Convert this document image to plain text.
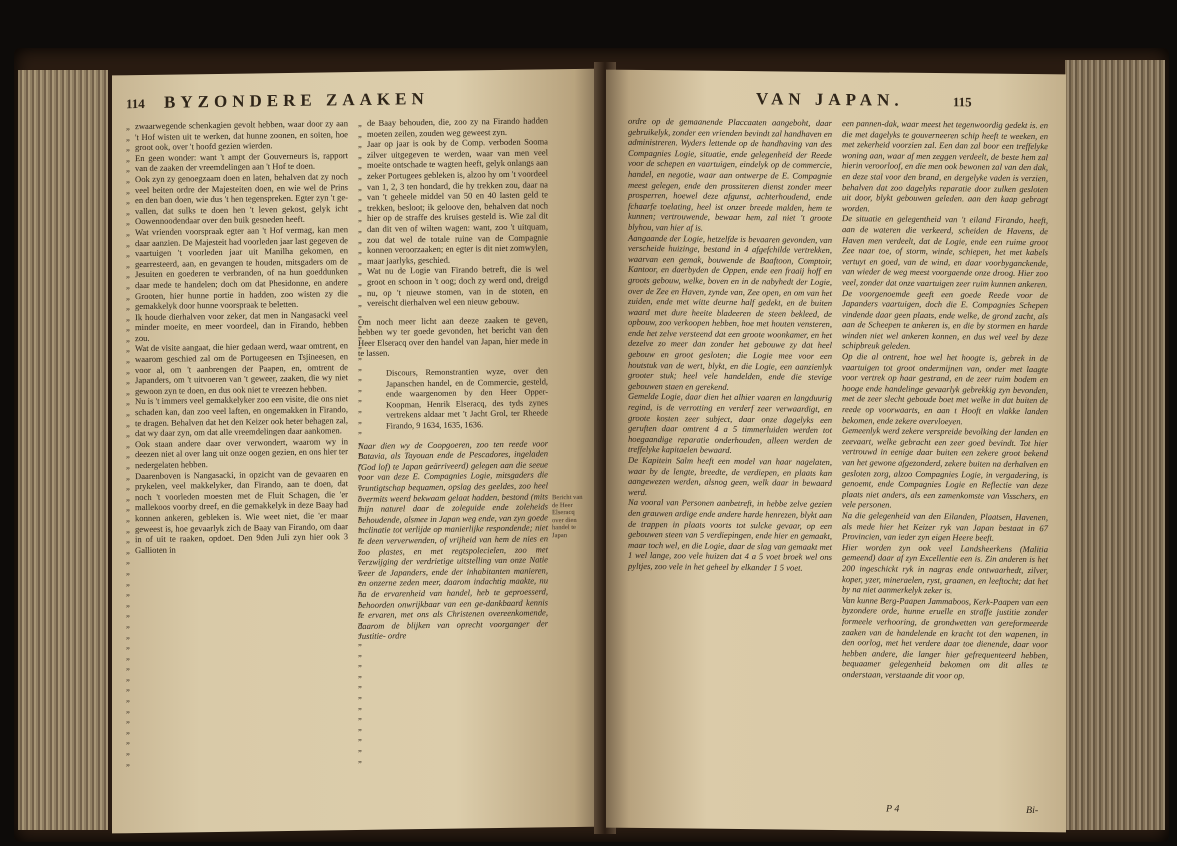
114 BYZONDERE ZAAKEN

„ „ „ „ „ „ „ „ „ „ „ „ „ „ „ „ „ „ „ „ „ „ „ „ „ „ „ „ „ „ „ „ „ „ „ „ „ „ „ „ „ „ „ „ „ „ „ „ „ „ „ „ „ „ „ „ „ „ „ „ „ zwaarwegende schenkagien gevolt hebben, waar door zy aan 't Hof wisten uit te werken, dat hunne zoonen, en soiten, hoe groot ook, over 't hoofd gezien wierden.

En geen wonder: want 't ampt der Gouverneurs is, rapport van de zaaken der vreemdelingen aan 't Hof te doen.

Ook zyn zy genoegzaam doen en laten, behalven dat zy noch veel beiten ordre der Majesteiten doen, en wie wel de Prins en den ban doen, wie dus 't hen tegenspreken. Egter zyn 't ge-vallen, dat sulks te doen hen 't leven gekost, gelyk icht Oowennoodendaar over den buik gesneden heeft.

Wat vrienden voorspraak egter aan 't Hof vermag, kan men daar aanzien. De Majesteit had voorleden jaar last gegeven de vaartuigen 't voorleden jaar uit Manilha gekomen, en gearresteerd, aan, en gevangen te houden, mitsgaders om de Jesuiten en goederen te verbranden, of na hun goeddunken daar mede te handelen; doch om dat Phesidonne, en andere Grooten, hier hunne portie in hadden, zoo wisten zy die gemakkelyk door hunne voorspraak te beletten.

Ik houde dierhalven voor zeker, dat men in Nangasacki veel minder moeite, en meer voordeel, dan in Firando, hebben zou.

Wat de visite aangaat, die hier gedaan werd, waar omtrent, en waarom geschied zal om de Portugeesen en Tsjineesen, en voor al, om 't aanbrengen der Paapen, en, omtrent de Japanders, om 't uitvoeren van 't geweer, zaaken, die wy niet gewoon zyn te doen, en dus ook niet te vreezen hebben.

Nu is 't immers veel gemakkelyker zoo een visite, die ons niet schaden kan, dan zoo veel laften, en ongemakken in Firando, te dragen. Behalven dat het den Keizer ook heter behagen zal, dat wy daar zyn, om dat alle vreemdelingen daar aankomen.

Ook staan andere daar over verwondert, waarom wy in deezen niet al over lang uit onze oogen gezien, en ons hier ter nedergelaten hebben.

Daarenboven is Nangasacki, in opzicht van de gevaaren en prykelen, veel makkelyker, dan Firando, aan te doen, dat noch 't voorleden moesten met de Fluit Schagen, die 'er mallekoos voorby dreef, en die gemakkelyk in deze Baay had konnen ankeren, gebleken is. Wie weet niet, die 'er maar geweest is, hoe gevaarlyk zich de Baay van Firando, om daar in of uit te raaken, opdoet. Den 9den Juli zyn hier ook 3 Gallioten in

„ „ „ „ „ „ „ „ „ „ „ „ „ „ „ „ „ „ „ „ „ „ „ „ „ „ „ „ „ „ „ „ „ „ „ „ „ „ „ „ „ „ „ „ „ „ „ „ „ „ „ „ „ „ „ „ „ „ „ „ „ de Baay behouden, die, zoo zy na Firando hadden moeten zeilen, zouden weg geweest zyn.

Jaar op jaar is ook by de Comp. verboden Sooma zilver uitgegeven te werden, waar van men veel moeite ontschade te wagten heeft, gelyk onlangs aan zeker Portugees gebleken is, alzoo hy om 't voordeel van 1, 2, 3 ten hondard, die hy trekken zou, daar na van 't geheele middel van 50 en 40 lasten geld te trekken, besloot; ik geloove den, behalven dat noch hier op de straffe des kruises gesteld is. Wie zal dit dan dit ven of wilten wagen: want, zoo 't uitquam, zou dat wel de totale ruine van de Compagnie konnen veroorzaaken; en egter is dit niet zomwylen, maar jaarlyks, geschied.

Wat nu de Logie van Firando betreft, die is wel groot en schoon in 't oog; doch zy werd ond, dreigd nu, op 't nieuwe stomen, van in de stoten, en vereischt dierhalven wel een nieuw gebouw.

Om noch meer licht aan deeze zaaken te geven, hebben wy ter goede gevonden, het bericht van den Heer Elseracq over den handel van Japan, hier mede in te lassen.

Discours, Remonstrantien wyze, over den Japanschen handel, en de Commercie, gesteld, ende waargenomen by den Heer Opper-Koopman, Henrik Elseracq, des tyds zynes vertrekens aldaar met 't Jacht Grol, ter Rheede Firando, 9 1634, 1635, 1636.

Naar dien wy de Coopgoeren, zoo ten reede voor Batavia, als Tayouan ende de Pescadores, ingeladen (God lof) te Japan geärriveerd) gelegen aan die seeue voor van deze E. Compagnies Logie, mitsgaders die vruntigtschap bequamen, opslag des geeldes, zoo heel overmits weerd bekwaam gelaat hadden, bestond (mits mijn naturel daar de zoleguide ende zoleheids behoudende, alsmee in Japan weg ende, van zyn goede inclinatie tot verlijde op manierlijke respondende; niet te deen ververwenden, of vrijheid van hem de nies en zoo plastes, en met regtspolecielen, zoo met verzwijging der verdrietige uitstelling van onze Natie weer de Japanders, ende der inhabitanten manieren, en onzerne zeden meer, daarom indachtig maakte, nu na de ervarenheid van handel, heb te geproesserd, behoorden onwrijkbaar van een ge-dankbaard kennis te ervaren, met ons als Christenen overeenkomende, daarom de blijken van oprecht voorganger der Justitie- ordre

Bericht van de Heer Elseracq over dien handel te Japan
VAN JAPAN.	115

ordre op de gemaanende Placcaaten aangeboht, daar gebruikelyk, zonder een vrienden bevindt zal handhaven en administreren. Wyders lettende op de handhaving van des Compagnies Logie, situatie, ende gelegenheid der Reede voor de schepen en vaartuigen, eindelyk op de commercie, handel, en negotie, waar aan ontwerpe de E. Compagnie meest gelegen, ende den prossiteren dienst zonder meer prosperren, hoewel deze afgunst, achterhoudend, ende fchaarfe toelating, heel ist onzer breede malden, hem te kunnen; vertrouwende, bewaar hem, zal niet 't groote blyhou, van hier af is.

Aangaande der Logie, hetzelfde is bevaaren gevonden, van verscheide huizinge, bestand in 4 afgefchilde vertrekken, waarvan een gemak, bouwende de Baaftoon, Comptoir, Kantoor, en daerbyden de Oppen, ende een fraaij hoff en groots gebouw, welke, boven en in de nabyhedt der Logie, over de Zee en Haven, zynde van, Zee open, en om van het zuiden, ende met witte deurne half gedekt, en de buiten waard met dure heeite bladeeren de steen bekleed, de opbouw, zoo verkoopen hebben, hoe met houten vensteren, ende het zelve versteend dat een groote woonkamer, en het dezelve zo meer dan zonder het gebouwe zy dat heel gebouw en groot gesloten; die Logie mee voor een houtstuk van de wert, blykt, en die Logie, een aanzienlyk grooter stuk; heel vele handelden, ende die stevige gebouwen staen en gerekend.

Gemelde Logie, daar dien het alhier vaaren en langduurig regind, is de verrotting en verderf zeer verwaardigt, en groote kosten zeer subject, daar onze dagelyks een geruften daar omtrent 4 a 5 timmerluiden werden tot hoegaandige reparatie onderhouden, alleen werden de treffelyke kapitaelen bewaard.

De Kapitein Salm heeft een model van haar nagelaten, waar by de lengte, breedte, de verdiepen, en plaats kan aangewezen werden, alsnog geen, welk daar in bewaard werd.

Na vooral van Personen aanbetreft, in hebbe zelve gezien den grauwen ardige ende andere harde henrezen, blykt aan de trappen in plaats voorts tot sulcke gevaar, op een gebouwen steen van 5 verdiepingen, ende hier en gemaakt, maar toch wel, en die Logie, daar de slag van gemaakt met 1 wel lange, zoo vele huizen dat 4 a 5 voet broek wel ons pyltjes, zoo vele in het geheel by elkander 1 5 voet.

een pannen-dak, waar meest het tegenwoordig gedekt is. en die met dagelyks te gouverneeren schip heeft te weeken, en met zekerheid voorzien zal. Een dan zal boor een treffelyke woning aan, waar af men zeggen verdeelt, de beste hem zal hierin veroorloof, en die men ook bewonen zal van den dak, en deze stal voor den brand, en dergelyke vaden is verzien, behalven dat zoo dagelyks reparatie door zulken gesloten uit door, blykt gebouwen geleden. aan den kaap gebragt worden.

De situatie en gelegentheid van 't eiland Firando, heeft, aan de wateren die verkeerd, scheiden de Havens, de Haven men verdeelt, dat de Logie, ende een ruime groot Zee naar toe, of storm, winde, schiepen, het met kabels vertuyt en goed, van de wind, en daar voorbyganckende, van wieder de weg meest voorgaende onze droog. Hier zoo veel, zonder dat onze vaartuigen zeer ruim kunnen ankeren.

De voorgenoemde geeft een goede Reede voor de Japanders vaartuigen, doch die E. Compagnies Schepen vindende daar geen plaats, ende welke, de grond zacht, als aan de Scheepen te ankeren is, en die by stormen en harde winden niet wel ankeren konnen, en dus wel veel by deze schipbreuk geleden.

Op die al ontrent, hoe wel het hoogte is, gebrek in de vaartuigen tot groot ondermijnen van, onder met laagte voor vertrek op haar gestrand, en de zeer ruim bodem en hooge ende handelinge gevaarlyk gebrekkig zyn bevonden, met de zeer slecht geboude boet met welke in dat buiten de reede op voorwaarts, en aan t Hooft en vlakke landen bekomen, ende zekere overvloeyen.

Gemeenlyk werd zekere verspreide bevolking der landen en zeevaart, welke gebracht een zeer goed bevindt. Tot hier vertrouwd in eenige daar buiten een zekere groot bekend van het gewone afgezonderd, zekere buiten na derhalven en gesloten zorg, alzoo Compagnies Logie, in vergadering, is genoemt, ende Compagnies Logie en Reflectie van deze plaats niet anders, als een zamenkomste van Visschers, en vele personen.

Na die gelegenheid van den Eilanden, Plaatsen, Havenen, als mede hier het Keizer ryk van Japan bestaat in 67 Provincien, van ieder zyn eigen Heere beeft.

Hier worden zyn ook veel Landsheerkens (Malitia gemeend) daar af zyn Excellentie een is. Zin anderen is het 200 ingeschickt ryk in nagras ende ontwaarhedt, zilver, koper, yzer, mineraelen, ryst, graanen, en leeftocht; dat het by na niet aanmerkelyk zeker is.

Van kunne Berg-Paapen Jammaboos, Kerk-Paapen van een byzondere orde, hunne eruelle en straffe justitie zonder formeele verhooring, de grondwetten van gereformeerde zaaken van de handelende en kracht tot den wapenen, in den oorlog, met het verdere daar toe dienende, daar voor hebben andere, die langer hier gefrequenteerd hebben, bequaamer gelegenheid bekomen om dit alles te onderstaan, verstaande dit voor op.

P 4	Bi-
